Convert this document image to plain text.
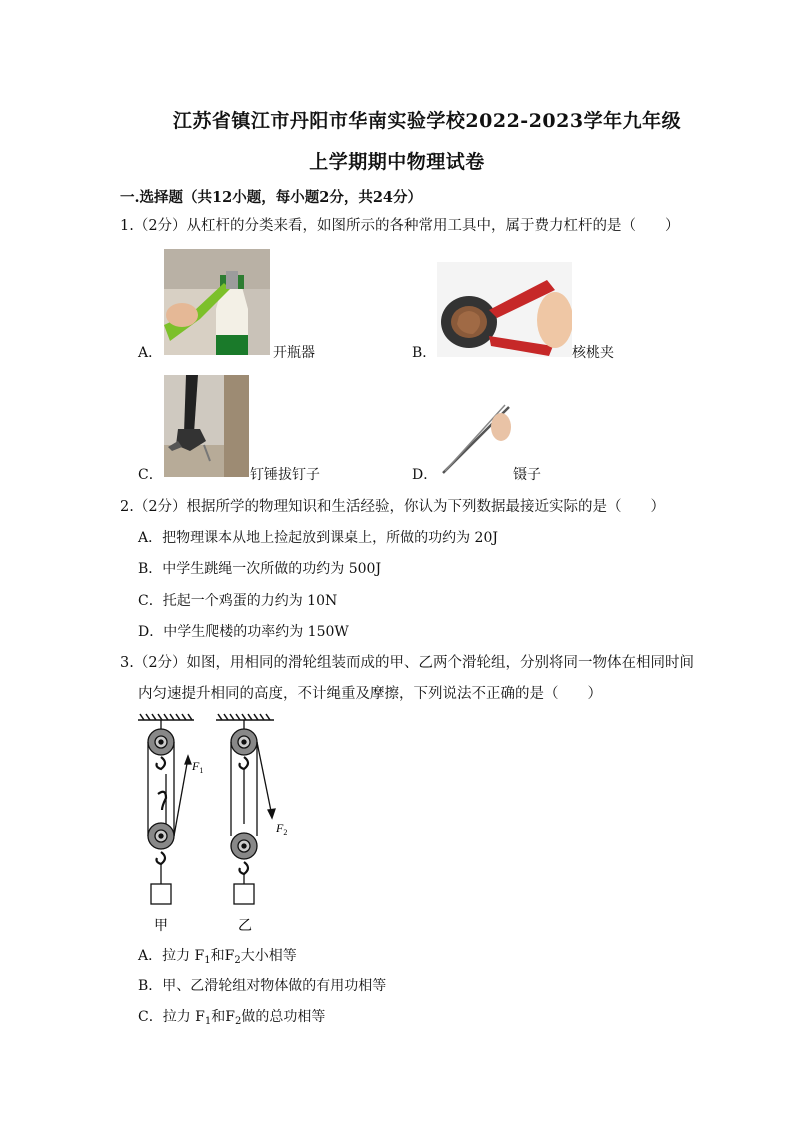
江苏省镇江市丹阳市华南实验学校2022-2023学年九年级
上学期期中物理试卷
一.选择题（共12小题，每小题2分，共24分）
1.（2分）从杠杆的分类来看，如图所示的各种常用工具中，属于费力杠杆的是（　　）
A．	开瓶器	B．	核桃夹
C．	钉锤拔钉子	D．	镊子
2.（2分）根据所学的物理知识和生活经验，你认为下列数据最接近实际的是（　　）
A．把物理课本从地上捡起放到课桌上，所做的功约为 20J
B．中学生跳绳一次所做的功约为 500J
C．托起一个鸡蛋的力约为 10N
D．中学生爬楼的功率约为 150W
3.（2分）如图，用相同的滑轮组装而成的甲、乙两个滑轮组，分别将同一物体在相同时间
内匀速提升相同的高度，不计绳重及摩擦，下列说法不正确的是（　　）
$F_1$
$F_2$
甲	乙
A．拉力 $F_1$和$F_2$大小相等
B．甲、乙滑轮组对物体做的有用功相等
C．拉力 $F_1$和$F_2$做的总功相等
